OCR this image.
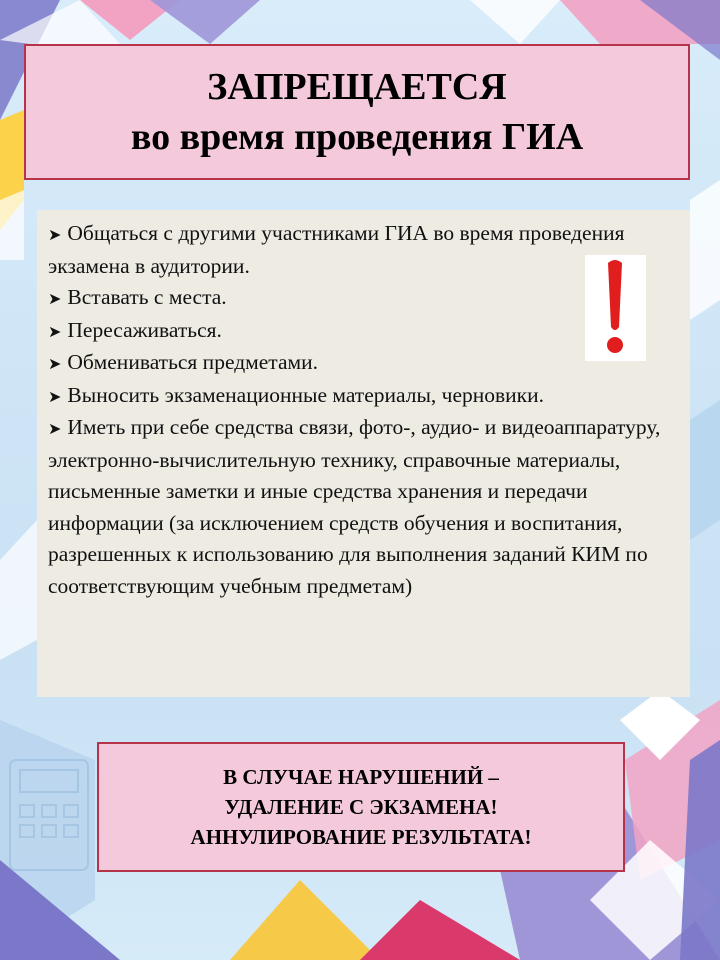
ЗАПРЕЩАЕТСЯ
во время проведения ГИА

➤ Общаться с другими участниками ГИА во время проведения экзамена в аудитории.

➤ Вставать с места.

➤ Пересаживаться.

➤ Обмениваться предметами.

➤ Выносить экзаменационные материалы, черновики.

➤ Иметь при себе средства связи, фото-, аудио- и видеоаппаратуру, электронно-вычислительную технику, справочные материалы, письменные заметки и иные средства хранения и передачи информации (за исключением средств обучения и воспитания, разрешенных к использованию для выполнения заданий КИМ по соответствующим учебным предметам)

В СЛУЧАЕ НАРУШЕНИЙ –
УДАЛЕНИЕ С ЭКЗАМЕНА!
АННУЛИРОВАНИЕ РЕЗУЛЬТАТА!
